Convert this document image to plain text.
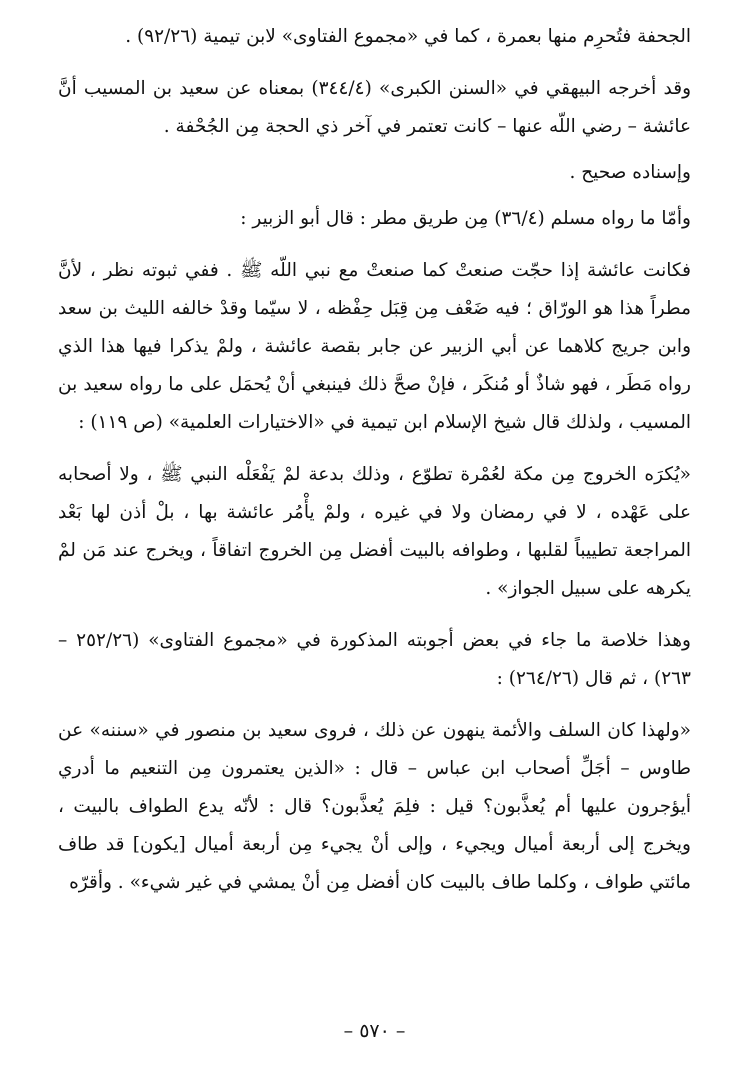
الجحفة فتُحرِم منها بعمرة ، كما في «مجموع الفتاوى» لابن تيمية (٩٢/٢٦) .

وقد أخرجه البيهقي في «السنن الكبرى» (٣٤٤/٤) بمعناه عن سعيد بن المسيب أنَّ عائشة – رضي اللّه عنها – كانت تعتمر في آخر ذي الحجة مِن الجُحْفة .

وإسناده صحيح .

وأمّا ما رواه مسلم (٣٦/٤) مِن طريق مطر : قال أبو الزبير :

فكانت عائشة إذا حجّت صنعتْ كما صنعتْ مع نبي اللّه ﷺ . ففي ثبوته نظر ، لأنَّ مطراً هذا هو الورّاق ؛ فيه ضَعْف مِن قِبَل حِفْظه ، لا سيّما وقدْ خالفه الليث بن سعد وابن جريج كلاهما عن أبي الزبير عن جابر بقصة عائشة ، ولمْ يذكرا فيها هذا الذي رواه مَطَر ، فهو شاذٌ أو مُنكَر ، فإنْ صحَّ ذلك فينبغي أنْ يُحمَل على ما رواه سعيد بن المسيب ، ولذلك قال شيخ الإسلام ابن تيمية في «الاختيارات العلمية» (ص ١١٩) :

«يُكرَه الخروج مِن مكة لعُمْرة تطوّع ، وذلك بدعة لمْ يَفْعَلْه النبي ﷺ ، ولا أصحابه على عَهْده ، لا في رمضان ولا في غيره ، ولمْ يأْمُر عائشة بها ، بلْ أذن لها بَعْد المراجعة تطييباً لقلبها ، وطوافه بالبيت أفضل مِن الخروج اتفاقاً ، ويخرج عند مَن لمْ يكرهه على سبيل الجواز» .

وهذا خلاصة ما جاء في بعض أجوبته المذكورة في «مجموع الفتاوى» (٢٥٢/٢٦ – ٢٦٣) ، ثم قال (٢٦٤/٢٦) :

«ولهذا كان السلف والأئمة ينهون عن ذلك ، فروى سعيد بن منصور في «سننه» عن طاوس – أجَلِّ أصحاب ابن عباس – قال : «الذين يعتمرون مِن التنعيم ما أدري أيؤجرون عليها أم يُعذَّبون؟ قيل : فلِمَ يُعذَّبون؟ قال : لأنّه يدع الطواف بالبيت ، ويخرج إلى أربعة أميال ويجيء ، وإلى أنْ يجيء مِن أربعة أميال [يكون] قد طاف مائتي طواف ، وكلما طاف بالبيت كان أفضل مِن أنْ يمشي في غير شيء» . وأقرّه

– ٥٧٠ –
